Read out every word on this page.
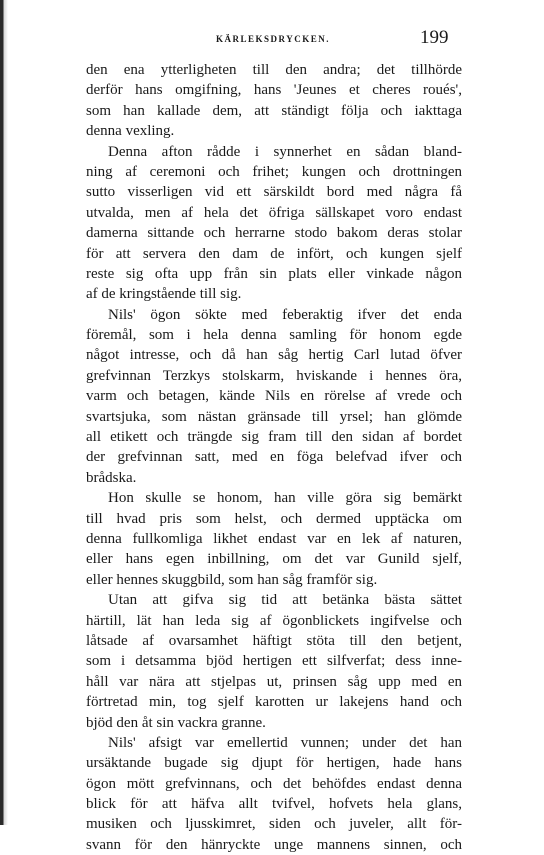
KÄRLEKSDRYCKEN.	199
den ena ytterligheten till den andra; det tillhörde
derför hans omgifning, hans 'Jeunes et cheres roués',
som han kallade dem, att ständigt följa och iakttaga
denna vexling.
Denna afton rådde i synnerhet en sådan bland-
ning af ceremoni och frihet; kungen och drottningen
sutto visserligen vid ett särskildt bord med några få
utvalda, men af hela det öfriga sällskapet voro endast
damerna sittande och herrarne stodo bakom deras stolar
för att servera den dam de infört, och kungen sjelf
reste sig ofta upp från sin plats eller vinkade någon
af de kringstående till sig.
Nils' ögon sökte med feberaktig ifver det enda
föremål, som i hela denna samling för honom egde
något intresse, och då han såg hertig Carl lutad öfver
grefvinnan Terzkys stolskarm, hviskande i hennes öra,
varm och betagen, kände Nils en rörelse af vrede och
svartsjuka, som nästan gränsade till yrsel; han glömde
all etikett och trängde sig fram till den sidan af bordet
der grefvinnan satt, med en föga belefvad ifver och
brådska.
Hon skulle se honom, han ville göra sig bemärkt
till hvad pris som helst, och dermed upptäcka om
denna fullkomliga likhet endast var en lek af naturen,
eller hans egen inbillning, om det var Gunild sjelf,
eller hennes skuggbild, som han såg framför sig.
Utan att gifva sig tid att betänka bästa sättet
härtill, lät han leda sig af ögonblickets ingifvelse och
låtsade af ovarsamhet häftigt stöta till den betjent,
som i detsamma bjöd hertigen ett silfverfat; dess inne-
håll var nära att stjelpas ut, prinsen såg upp med en
förtretad min, tog sjelf karotten ur lakejens hand och
bjöd den åt sin vackra granne.
Nils' afsigt var emellertid vunnen; under det han
ursäktande bugade sig djupt för hertigen, hade hans
ögon mött grefvinnans, och det behöfdes endast denna
blick för att häfva allt tvifvel, hofvets hela glans,
musiken och ljusskimret, siden och juveler, allt för-
svann för den hänryckte unge mannens sinnen, och
